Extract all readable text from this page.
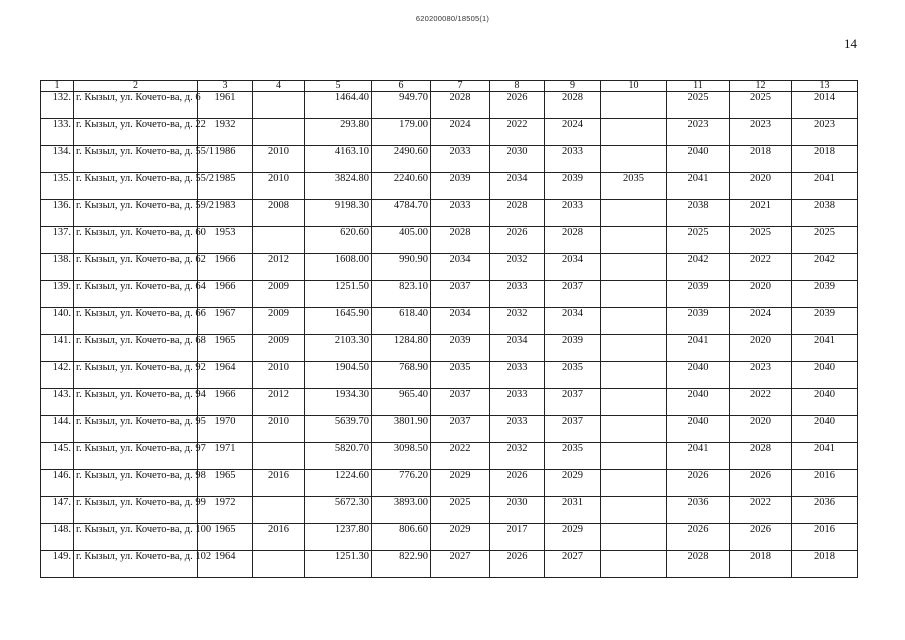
620200080/18505(1)
14
1	2	3	4	5	6	7	8	9	10	11	12	13
132.	г. Кызыл, ул. Кочето-ва, д. 6	1961		1464.40	949.70	2028	2026	2028		2025	2025	2014
133.	г. Кызыл, ул. Кочето-ва, д. 22	1932		293.80	179.00	2024	2022	2024		2023	2023	2023
134.	г. Кызыл, ул. Кочето-ва, д. 55/1	1986	2010	4163.10	2490.60	2033	2030	2033		2040	2018	2018
135.	г. Кызыл, ул. Кочето-ва, д. 55/2	1985	2010	3824.80	2240.60	2039	2034	2039	2035	2041	2020	2041
136.	г. Кызыл, ул. Кочето-ва, д. 59/2	1983	2008	9198.30	4784.70	2033	2028	2033		2038	2021	2038
137.	г. Кызыл, ул. Кочето-ва, д. 60	1953		620.60	405.00	2028	2026	2028		2025	2025	2025
138.	г. Кызыл, ул. Кочето-ва, д. 62	1966	2012	1608.00	990.90	2034	2032	2034		2042	2022	2042
139.	г. Кызыл, ул. Кочето-ва, д. 64	1966	2009	1251.50	823.10	2037	2033	2037		2039	2020	2039
140.	г. Кызыл, ул. Кочето-ва, д. 66	1967	2009	1645.90	618.40	2034	2032	2034		2039	2024	2039
141.	г. Кызыл, ул. Кочето-ва, д. 68	1965	2009	2103.30	1284.80	2039	2034	2039		2041	2020	2041
142.	г. Кызыл, ул. Кочето-ва, д. 92	1964	2010	1904.50	768.90	2035	2033	2035		2040	2023	2040
143.	г. Кызыл, ул. Кочето-ва, д. 94	1966	2012	1934.30	965.40	2037	2033	2037		2040	2022	2040
144.	г. Кызыл, ул. Кочето-ва, д. 95	1970	2010	5639.70	3801.90	2037	2033	2037		2040	2020	2040
145.	г. Кызыл, ул. Кочето-ва, д. 97	1971		5820.70	3098.50	2022	2032	2035		2041	2028	2041
146.	г. Кызыл, ул. Кочето-ва, д. 98	1965	2016	1224.60	776.20	2029	2026	2029		2026	2026	2016
147.	г. Кызыл, ул. Кочето-ва, д. 99	1972		5672.30	3893.00	2025	2030	2031		2036	2022	2036
148.	г. Кызыл, ул. Кочето-ва, д. 100	1965	2016	1237.80	806.60	2029	2017	2029		2026	2026	2016
149.	г. Кызыл, ул. Кочето-ва, д. 102	1964		1251.30	822.90	2027	2026	2027		2028	2018	2018
